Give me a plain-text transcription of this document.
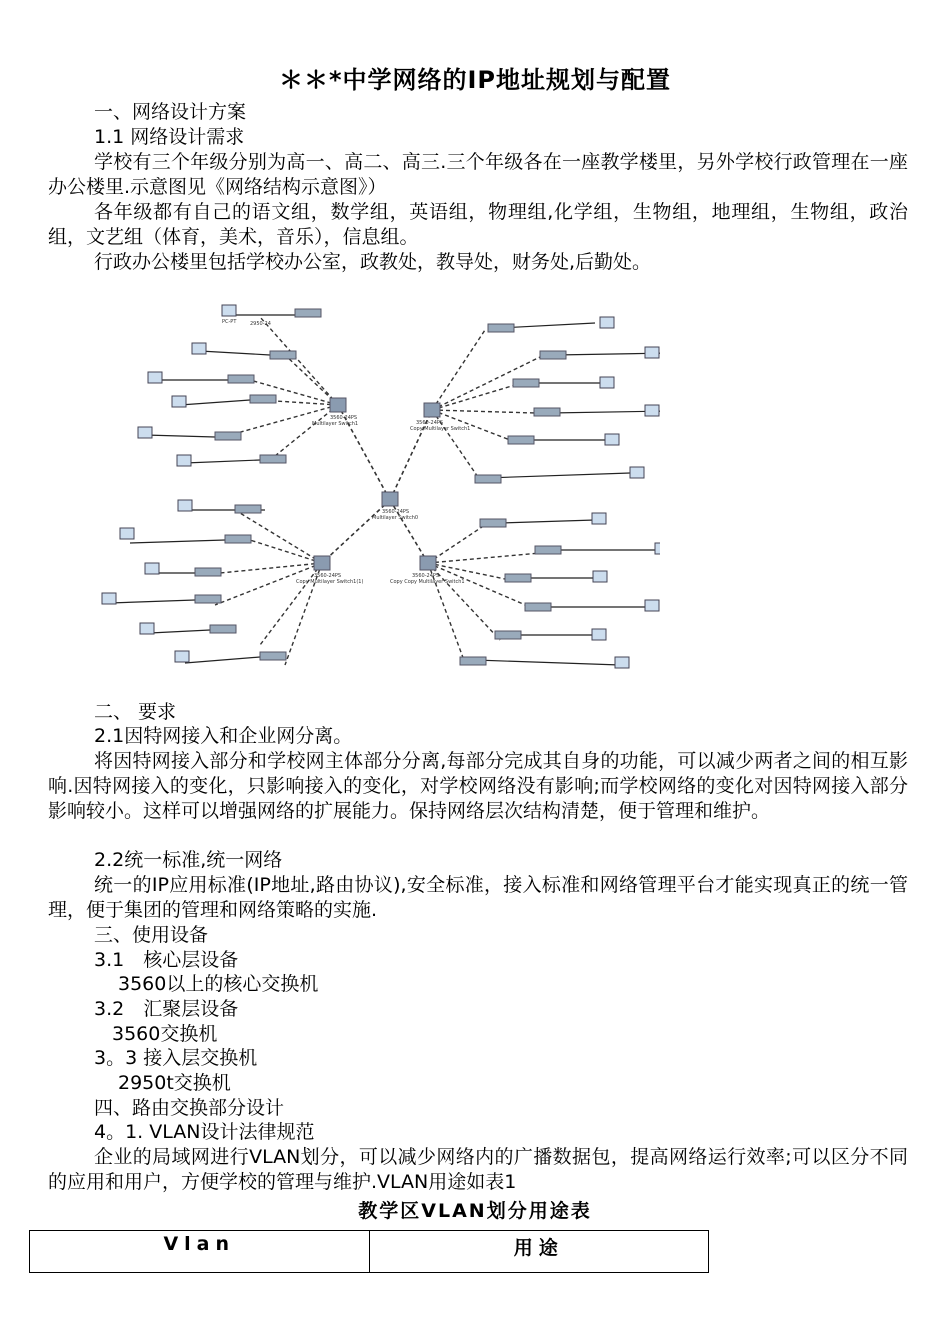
＊＊*中学网络的IP地址规划与配置
一、网络设计方案
1.1 网络设计需求
学校有三个年级分别为高一、高二、高三.三个年级各在一座教学楼里，另外学校行政管理在一座办公楼里.示意图见《网络结构示意图》）
各年级都有自己的语文组，数学组，英语组，物理组,化学组，生物组，地理组，生物组，政治组，文艺组（体育，美术，音乐），信息组。
行政办公楼里包括学校办公室，政教处，教导处，财务处,后勤处。
3560-24PS
Multilayer Switch0
3560-24PS
Multilayer Switch1	3560-24PS
Copy Multilayer Switch1
3560-24PS
Copy Multilayer Switch1(1)
3560-24PS
Copy Copy Multilayer Switch1
2950-24
PC-PT
二、 要求
2.1因特网接入和企业网分离。
将因特网接入部分和学校网主体部分分离,每部分完成其自身的功能，可以减少两者之间的相互影响.因特网接入的变化，只影响接入的变化，对学校网络没有影响;而学校网络的变化对因特网接入部分影响较小。这样可以增强网络的扩展能力。保持网络层次结构清楚，便于管理和维护。
2.2统一标准,统一网络
统一的IP应用标准(IP地址,路由协议),安全标准，接入标准和网络管理平台才能实现真正的统一管理，便于集团的管理和网络策略的实施.
三、使用设备
3.1　核心层设备
3560以上的核心交换机
3.2　汇聚层设备
3560交换机
3。3 接入层交换机
2950t交换机
四、路由交换部分设计
4。1. VLAN设计法律规范
企业的局域网进行VLAN划分，可以减少网络内的广播数据包，提高网络运行效率;可以区分不同的应用和用户，方便学校的管理与维护.VLAN用途如表1
教学区VLAN划分用途表
Vlan	用途
